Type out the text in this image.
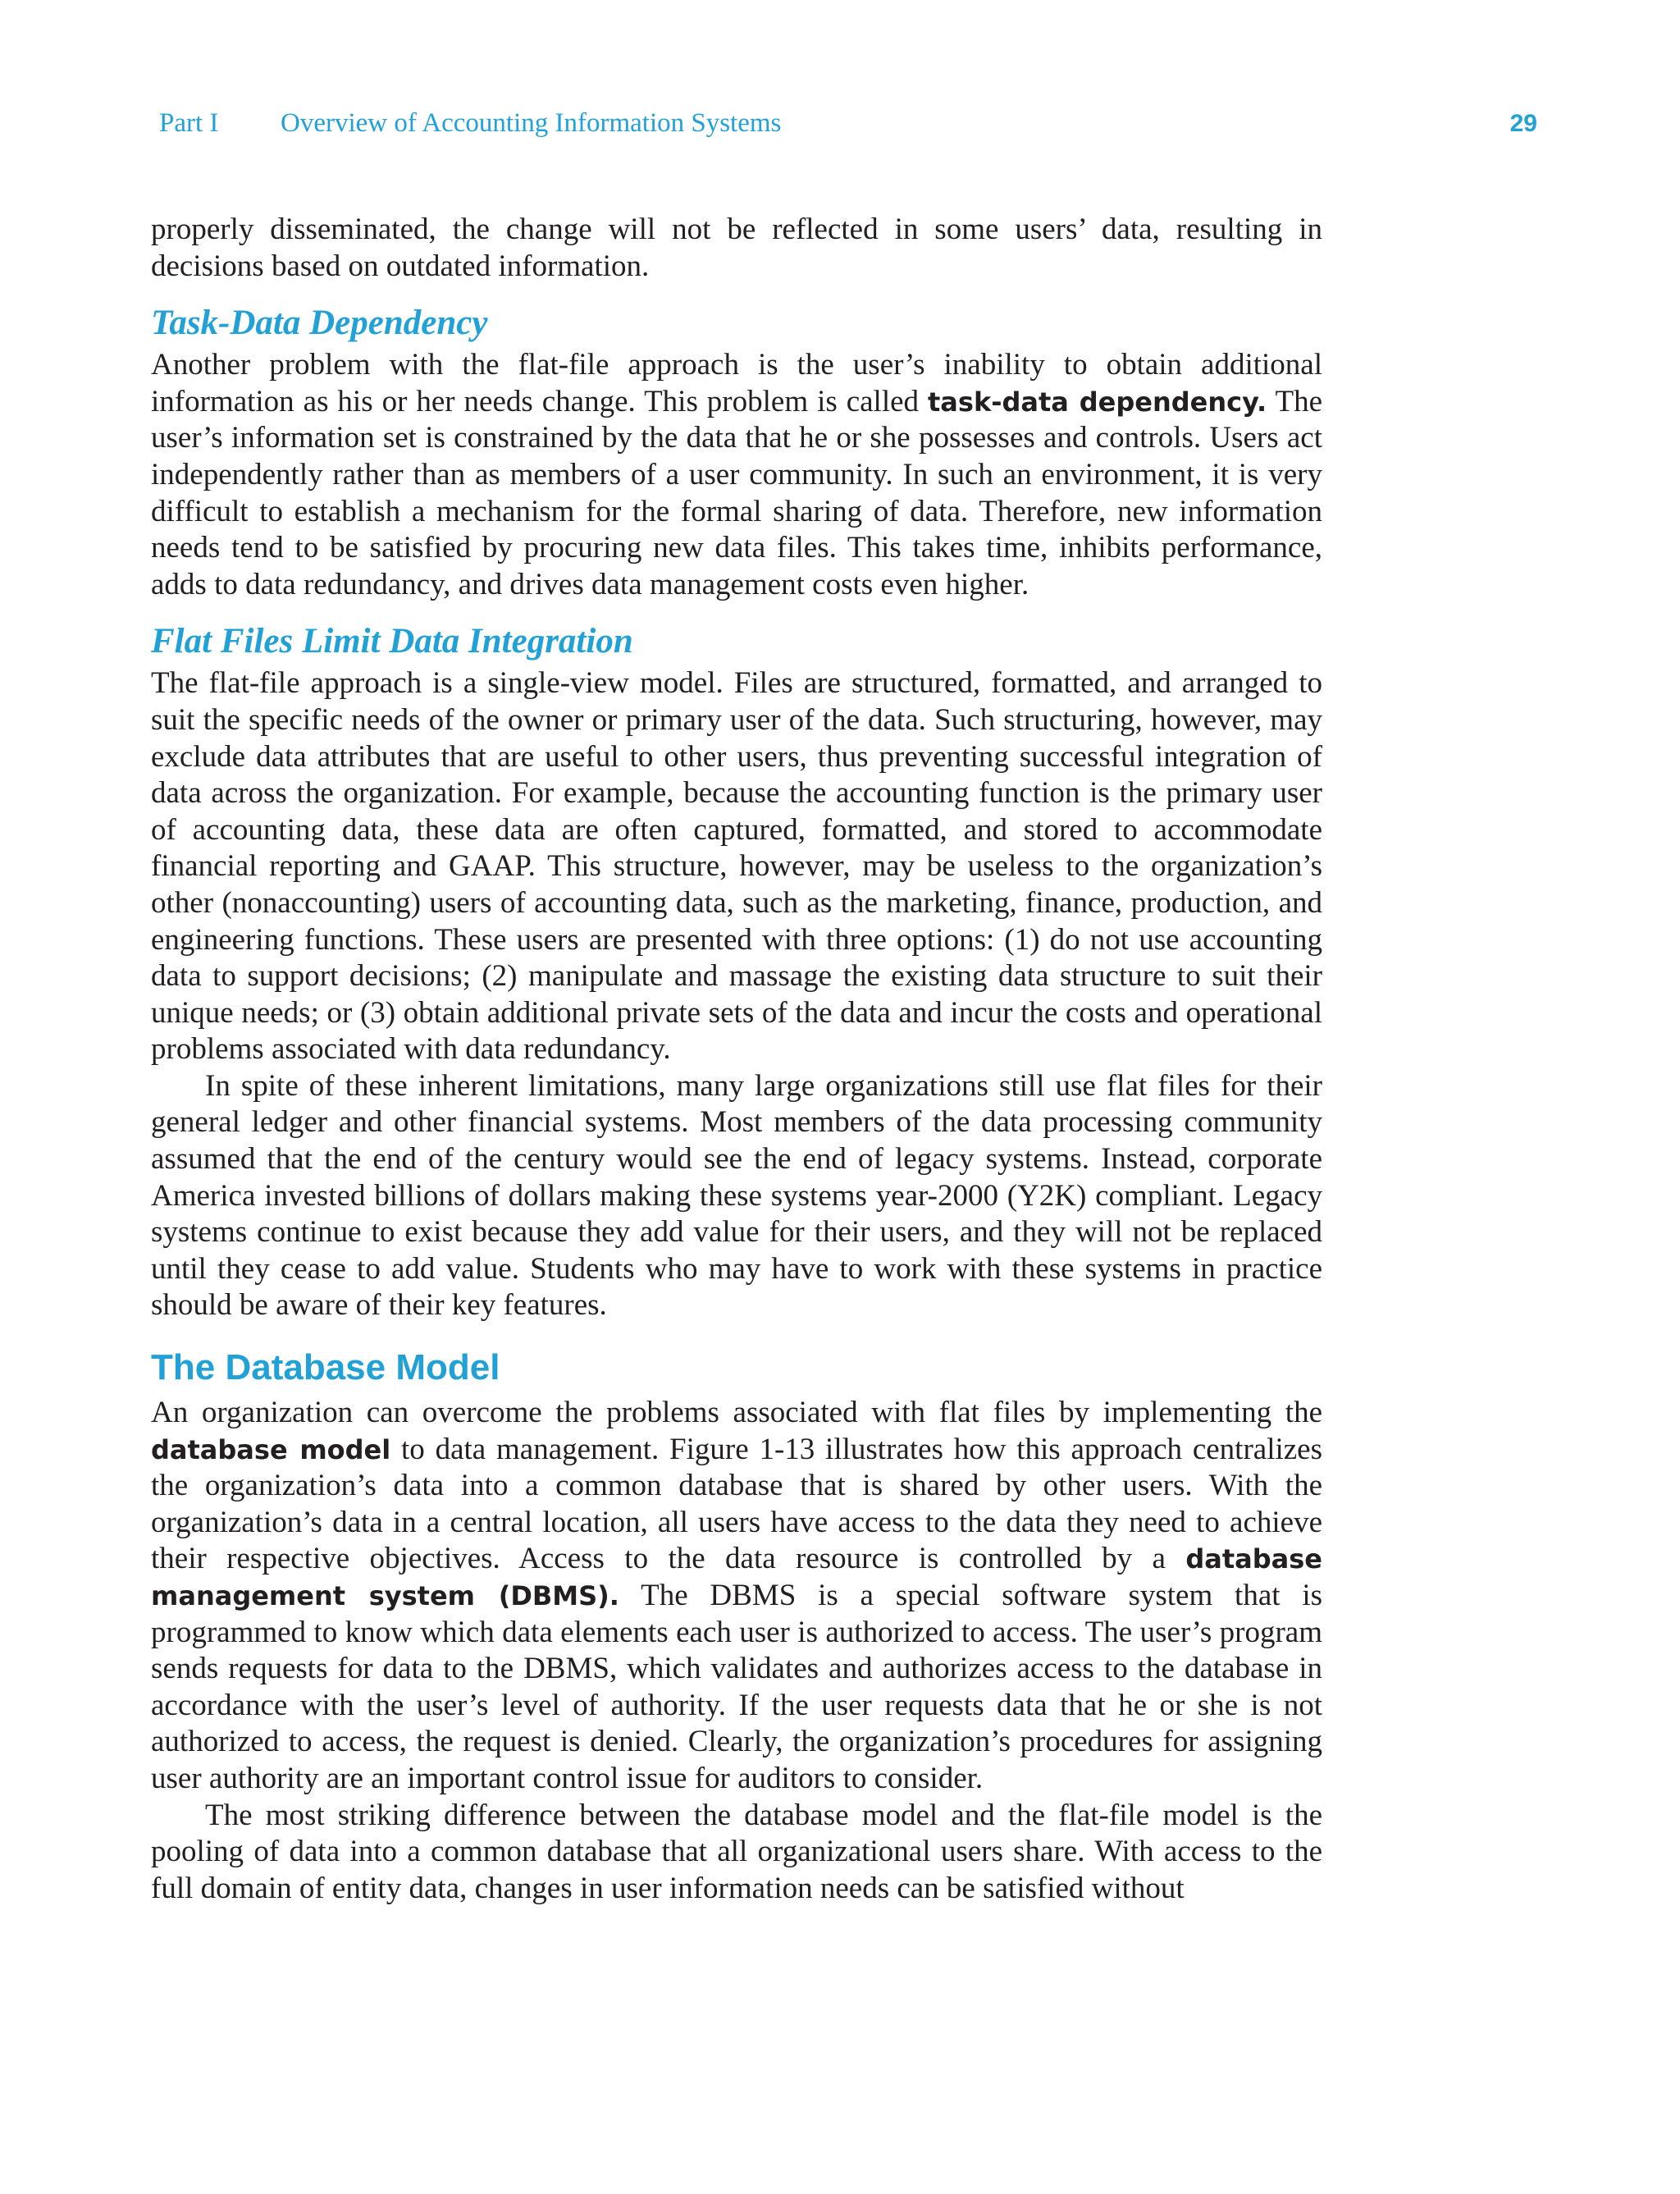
Part I Overview of Accounting Information Systems	29

properly disseminated, the change will not be reflected in some users’ data, resulting in decisions based on outdated information.

Task-Data Dependency

Another problem with the flat-file approach is the user’s inability to obtain additional information as his or her needs change. This problem is called task-data dependency. The user’s information set is constrained by the data that he or she possesses and controls. Users act independently rather than as members of a user community. In such an environment, it is very difficult to establish a mechanism for the formal sharing of data. Therefore, new information needs tend to be satisfied by procuring new data files. This takes time, inhibits performance, adds to data redundancy, and drives data management costs even higher.

Flat Files Limit Data Integration

The flat-file approach is a single-view model. Files are structured, formatted, and arranged to suit the specific needs of the owner or primary user of the data. Such structuring, however, may exclude data attributes that are useful to other users, thus preventing successful integration of data across the organization. For example, because the accounting function is the primary user of accounting data, these data are often captured, formatted, and stored to accommodate financial reporting and GAAP. This structure, however, may be useless to the organization’s other (nonaccounting) users of accounting data, such as the marketing, finance, production, and engineering functions. These users are presented with three options: (1) do not use accounting data to support decisions; (2) manipulate and massage the existing data structure to suit their unique needs; or (3) obtain additional private sets of the data and incur the costs and operational problems associated with data redundancy.

In spite of these inherent limitations, many large organizations still use flat files for their general ledger and other financial systems. Most members of the data processing community assumed that the end of the century would see the end of legacy systems. Instead, corporate America invested billions of dollars making these systems year-2000 (Y2K) compliant. Legacy systems continue to exist because they add value for their users, and they will not be replaced until they cease to add value. Students who may have to work with these systems in practice should be aware of their key features.

The Database Model

An organization can overcome the problems associated with flat files by implementing the database model to data management. Figure 1-13 illustrates how this approach centralizes the organization’s data into a common database that is shared by other users. With the organization’s data in a central location, all users have access to the data they need to achieve their respective objectives. Access to the data resource is controlled by a database management system (DBMS). The DBMS is a special software system that is programmed to know which data elements each user is authorized to access. The user’s program sends requests for data to the DBMS, which validates and authorizes access to the database in accordance with the user’s level of authority. If the user requests data that he or she is not authorized to access, the request is denied. Clearly, the organization’s procedures for assigning user authority are an important control issue for auditors to consider.

The most striking difference between the database model and the flat-file model is the pooling of data into a common database that all organizational users share. With access to the full domain of entity data, changes in user information needs can be satisfied without
